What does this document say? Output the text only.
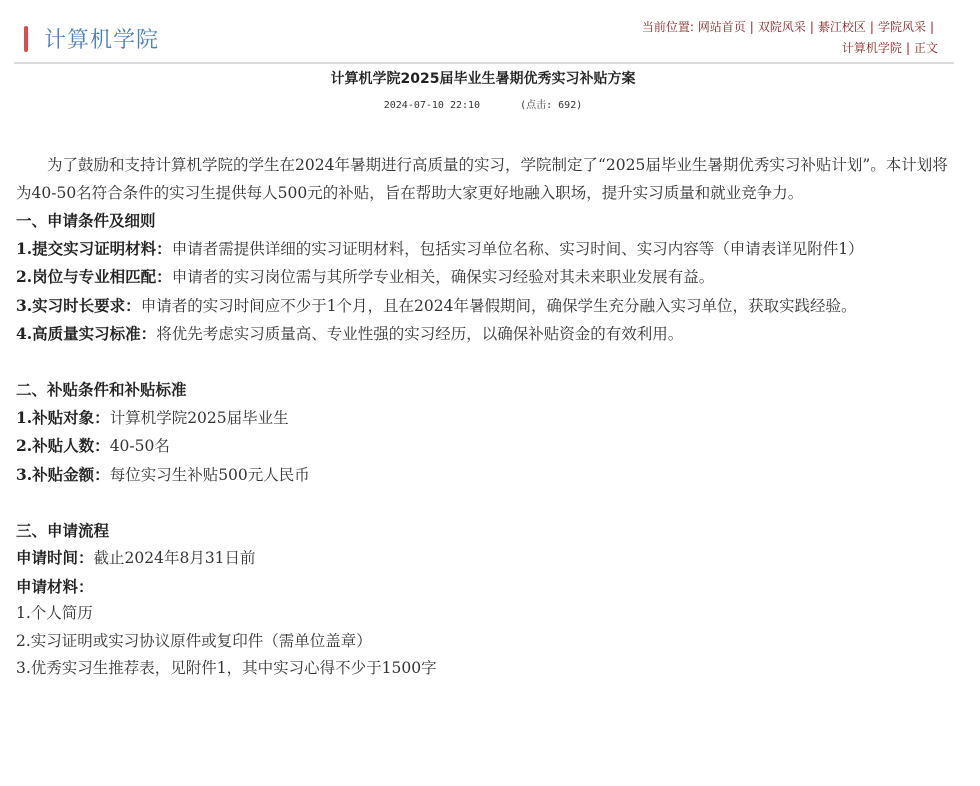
计算机学院
当前位置: 网站首页 | 双院风采 | 綦江校区 | 学院风采 |
计算机学院 | 正文
计算机学院2025届毕业生暑期优秀实习补贴方案
2024-07-10 22:10	(点击: 692)

为了鼓励和支持计算机学院的学生在2024年暑期进行高质量的实习，学院制定了“2025届毕业生暑期优秀实习补贴计划”。本计划将为40-50名符合条件的实习生提供每人500元的补贴，旨在帮助大家更好地融入职场，提升实习质量和就业竞争力。

一、申请条件及细则

1.提交实习证明材料：申请者需提供详细的实习证明材料，包括实习单位名称、实习时间、实习内容等（申请表详见附件1）

2.岗位与专业相匹配：申请者的实习岗位需与其所学专业相关，确保实习经验对其未来职业发展有益。

3.实习时长要求：申请者的实习时间应不少于1个月，且在2024年暑假期间，确保学生充分融入实习单位，获取实践经验。

4.高质量实习标准：将优先考虑实习质量高、专业性强的实习经历，以确保补贴资金的有效利用。

二、补贴条件和补贴标准

1.补贴对象：计算机学院2025届毕业生

2.补贴人数：40-50名

3.补贴金额：每位实习生补贴500元人民币

三、申请流程

申请时间：截止2024年8月31日前

申请材料：

1.个人简历

2.实习证明或实习协议原件或复印件（需单位盖章）

3.优秀实习生推荐表，见附件1，其中实习心得不少于1500字
